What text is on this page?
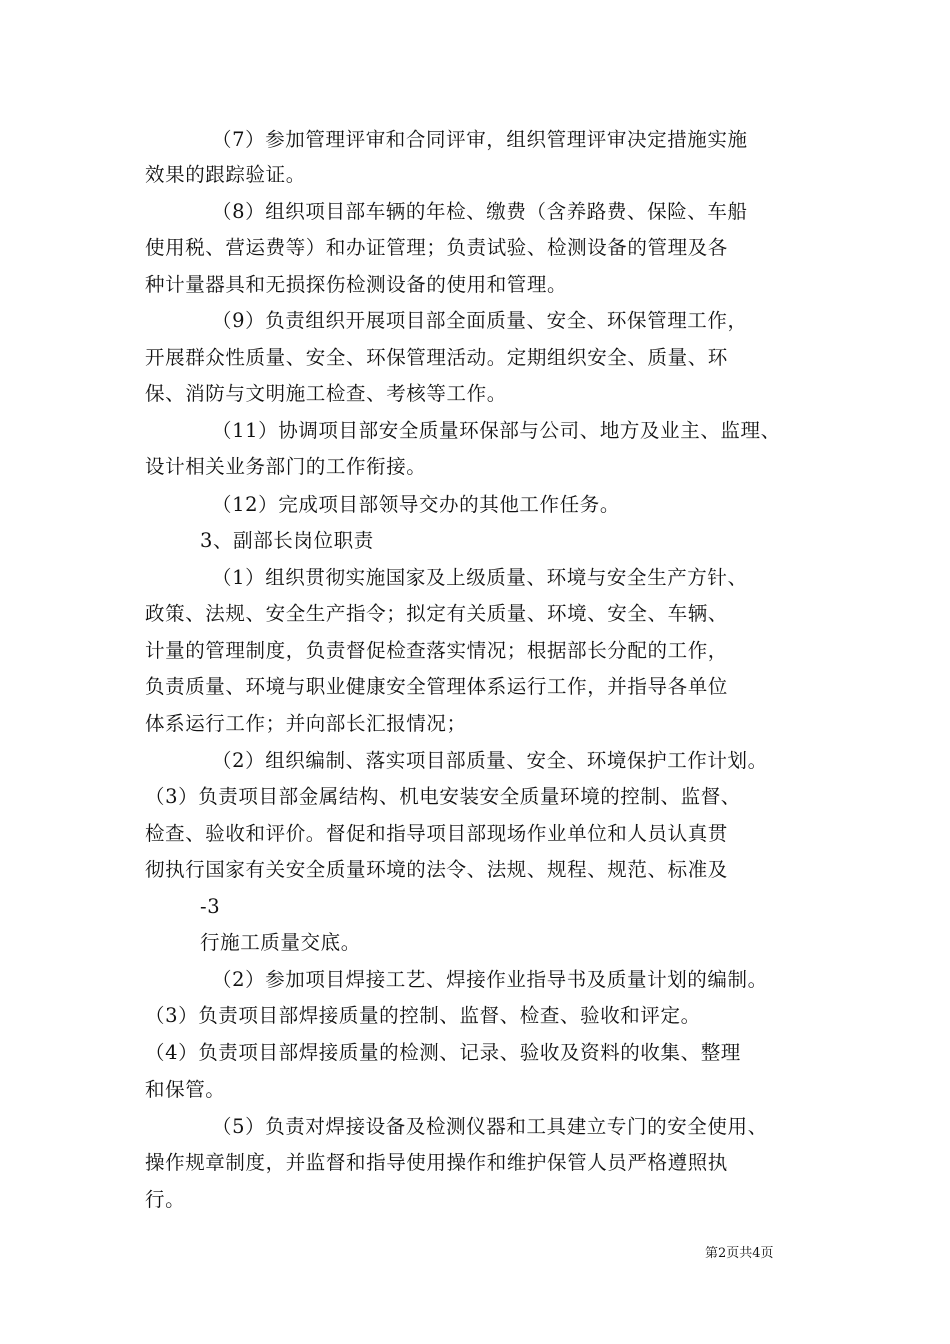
（7）参加管理评审和合同评审，组织管理评审决定措施实施
效果的跟踪验证。
（8）组织项目部车辆的年检、缴费（含养路费、保险、车船
使用税、营运费等）和办证管理；负责试验、检测设备的管理及各
种计量器具和无损探伤检测设备的使用和管理。
（9）负责组织开展项目部全面质量、安全、环保管理工作，
开展群众性质量、安全、环保管理活动。定期组织安全、质量、环
保、消防与文明施工检查、考核等工作。
（11）协调项目部安全质量环保部与公司、地方及业主、监理、
设计相关业务部门的工作衔接。
（12）完成项目部领导交办的其他工作任务。
3、副部长岗位职责
（1）组织贯彻实施国家及上级质量、环境与安全生产方针、
政策、法规、安全生产指令；拟定有关质量、环境、安全、车辆、
计量的管理制度，负责督促检查落实情况；根据部长分配的工作，
负责质量、环境与职业健康安全管理体系运行工作，并指导各单位
体系运行工作；并向部长汇报情况；
（2）组织编制、落实项目部质量、安全、环境保护工作计划。
（3）负责项目部金属结构、机电安装安全质量环境的控制、监督、
检查、验收和评价。督促和指导项目部现场作业单位和人员认真贯
彻执行国家有关安全质量环境的法令、法规、规程、规范、标准及
-3
行施工质量交底。
（2）参加项目焊接工艺、焊接作业指导书及质量计划的编制。
（3）负责项目部焊接质量的控制、监督、检查、验收和评定。
（4）负责项目部焊接质量的检测、记录、验收及资料的收集、整理
和保管。
（5）负责对焊接设备及检测仪器和工具建立专门的安全使用、
操作规章制度，并监督和指导使用操作和维护保管人员严格遵照执
行。
第2页共4页
